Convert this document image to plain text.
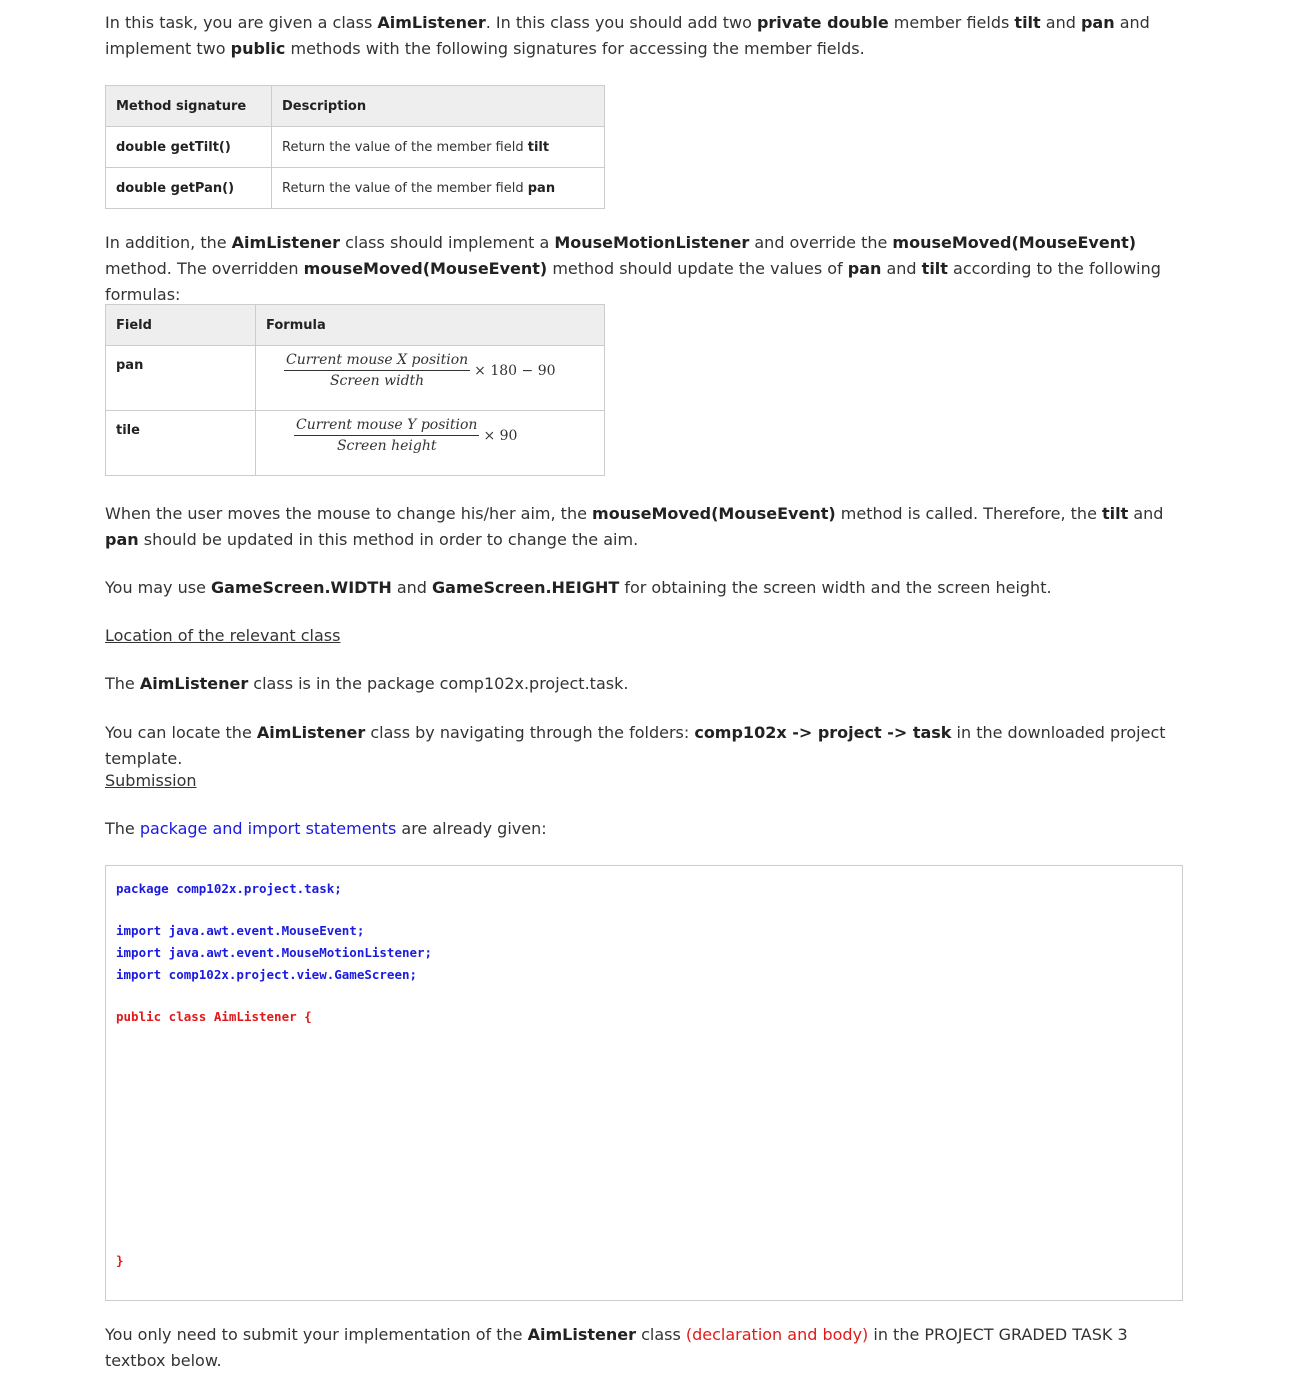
In this task, you are given a class AimListener. In this class you should add two private double member fields tilt and pan and implement two public methods with the following signatures for accessing the member fields.

Method signature	Description
double getTilt()	Return the value of the member field tilt
double getPan()	Return the value of the member field pan

In addition, the AimListener class should implement a MouseMotionListener and override the mouseMoved(MouseEvent) method. The overridden mouseMoved(MouseEvent) method should update the values of pan and tilt according to the following formulas:

Field	Formula
pan	$\frac{\text{Current mouse X position}}{\text{Screen width}} \times 180 - 90$

tile	$\frac{\text{Current mouse Y position}}{\text{Screen height}} \times 90$

When the user moves the mouse to change his/her aim, the mouseMoved(MouseEvent) method is called. Therefore, the tilt and pan should be updated in this method in order to change the aim.

You may use GameScreen.WIDTH and GameScreen.HEIGHT for obtaining the screen width and the screen height.

Location of the relevant class

The AimListener class is in the package comp102x.project.task.

You can locate the AimListener class by navigating through the folders: comp102x -> project -> task in the downloaded project template.

Submission

The package and import statements are already given:

package comp102x.project.task;
import java.awt.event.MouseEvent;
import java.awt.event.MouseMotionListener;
import comp102x.project.view.GameScreen;
public class AimListener {
}

You only need to submit your implementation of the AimListener class (declaration and body) in the PROJECT GRADED TASK 3 textbox below.
